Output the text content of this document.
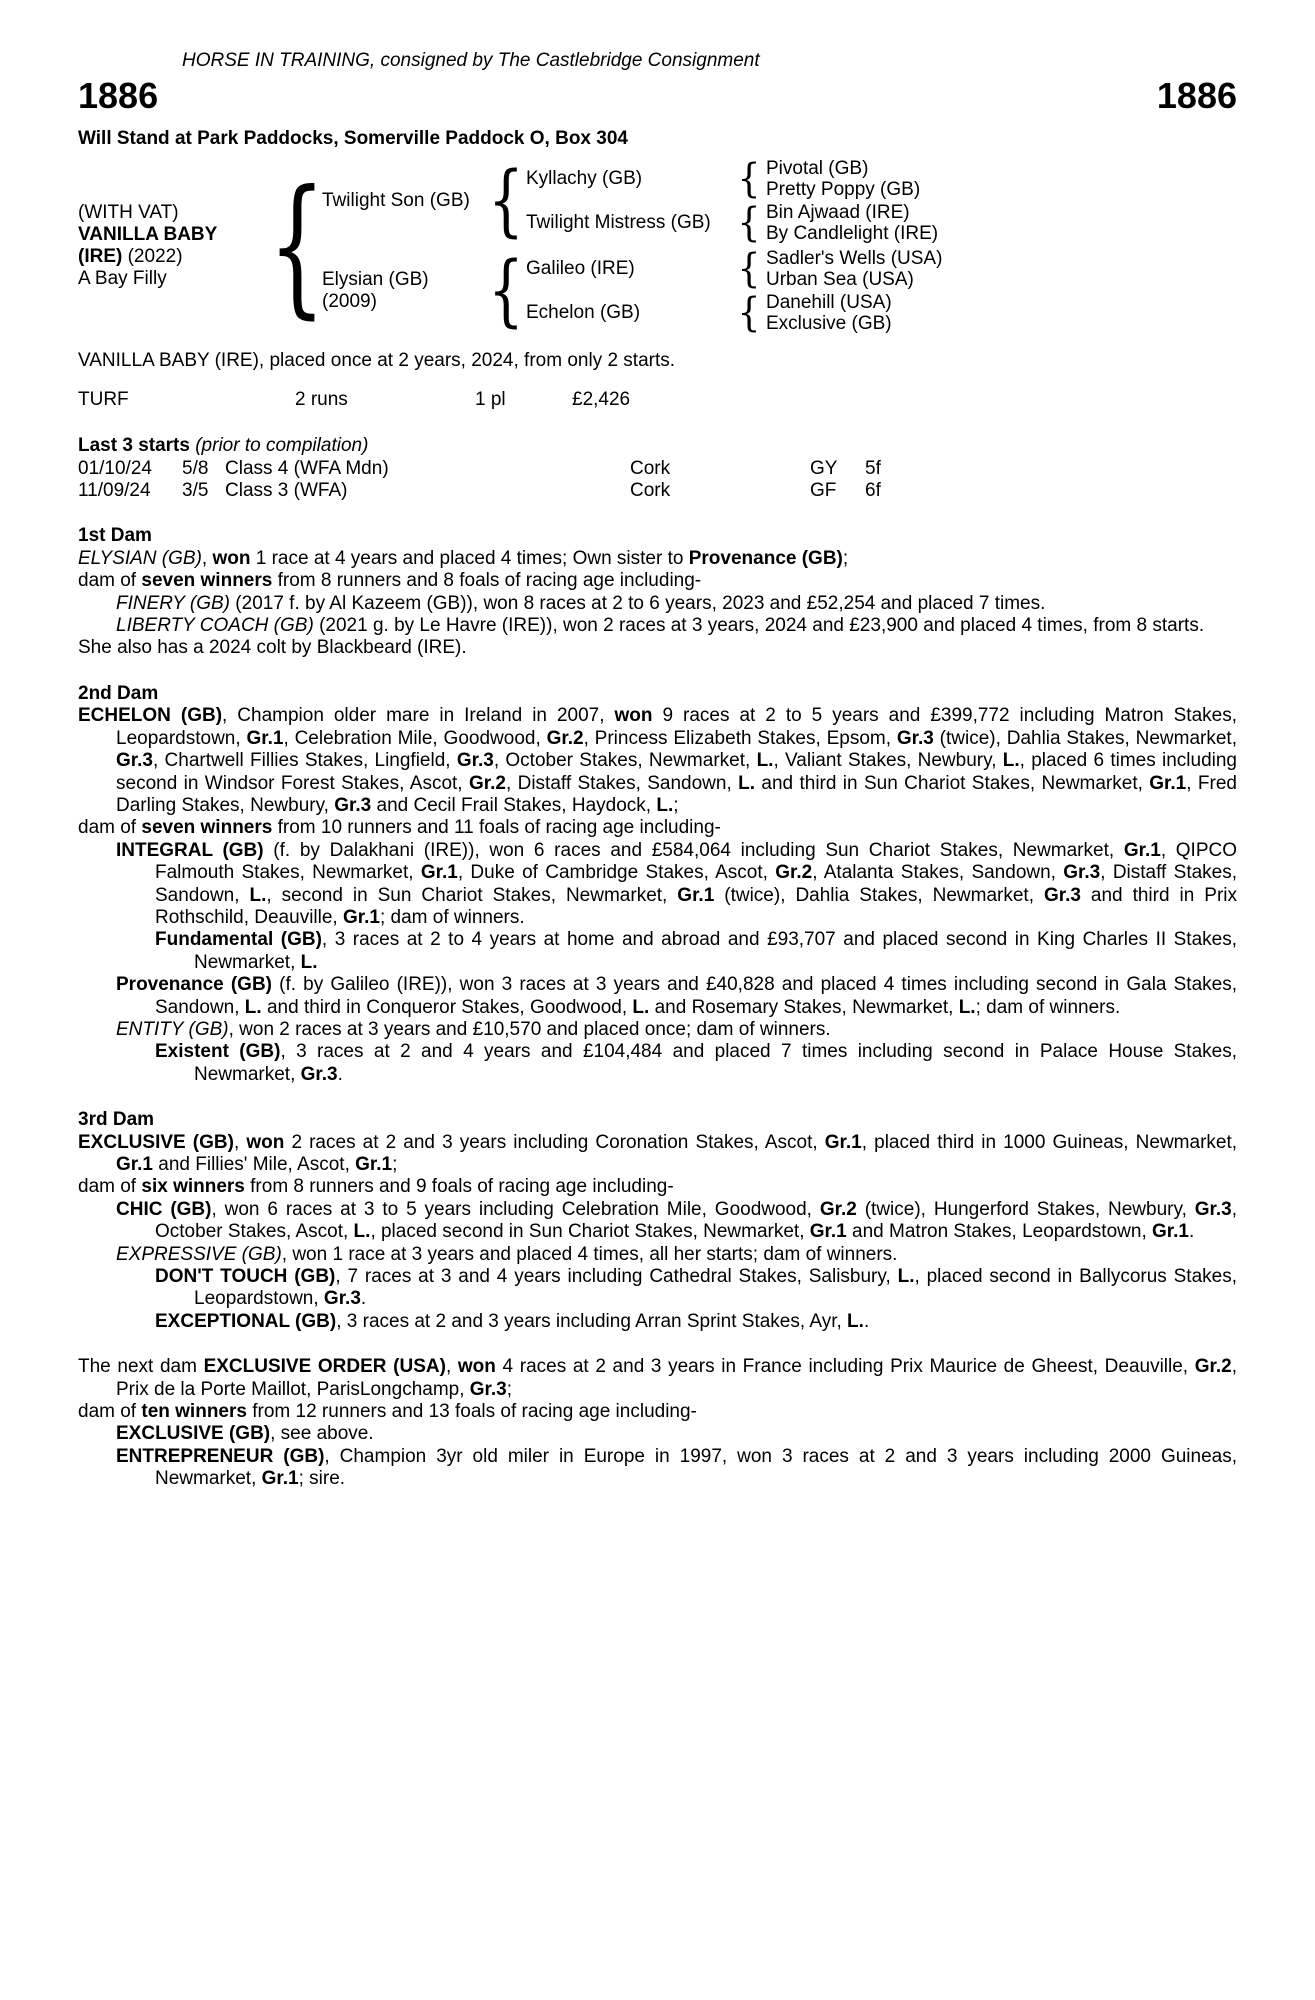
HORSE IN TRAINING, consigned by The Castlebridge Consignment
1886	1886
Will Stand at Park Paddocks, Somerville Paddock O, Box 304
(WITH VAT)
VANILLA BABY
(IRE) (2022)
A Bay Filly {
Twilight Son (GB) { Kyllachy (GB)	{ Pivotal (GB)
Pretty Poppy (GB)
Twilight Mistress (GB) { Bin Ajwaad (IRE)
By Candlelight (IRE)
Elysian (GB)
(2009)	{ Galileo (IRE)	{ Sadler's Wells (USA)
Urban Sea (USA)
Echelon (GB)	{ Danehill (USA)
Exclusive (GB)
VANILLA BABY (IRE), placed once at 2 years, 2024, from only 2 starts.
TURF	2 runs	1 pl	£2,426
Last 3 starts (prior to compilation)
01/10/24	5/8 Class 4 (WFA Mdn)	Cork	GY	5f
11/09/24	3/5 Class 3 (WFA)	Cork	GF	6f
1st Dam

ELYSIAN (GB), won 1 race at 4 years and placed 4 times; Own sister to Provenance (GB);

dam of seven winners from 8 runners and 8 foals of racing age including-

FINERY (GB) (2017 f. by Al Kazeem (GB)), won 8 races at 2 to 6 years, 2023 and £52,254 and placed 7 times.

LIBERTY COACH (GB) (2021 g. by Le Havre (IRE)), won 2 races at 3 years, 2024 and £23,900 and placed 4 times, from 8 starts.

She also has a 2024 colt by Blackbeard (IRE).

2nd Dam

ECHELON (GB), Champion older mare in Ireland in 2007, won 9 races at 2 to 5 years and £399,772 including Matron Stakes, Leopardstown, Gr.1, Celebration Mile, Goodwood, Gr.2, Princess Elizabeth Stakes, Epsom, Gr.3 (twice), Dahlia Stakes, Newmarket, Gr.3, Chartwell Fillies Stakes, Lingfield, Gr.3, October Stakes, Newmarket, L., Valiant Stakes, Newbury, L., placed 6 times including second in Windsor Forest Stakes, Ascot, Gr.2, Distaff Stakes, Sandown, L. and third in Sun Chariot Stakes, Newmarket, Gr.1, Fred Darling Stakes, Newbury, Gr.3 and Cecil Frail Stakes, Haydock, L.;

dam of seven winners from 10 runners and 11 foals of racing age including-

INTEGRAL (GB) (f. by Dalakhani (IRE)), won 6 races and £584,064 including Sun Chariot Stakes, Newmarket, Gr.1, QIPCO Falmouth Stakes, Newmarket, Gr.1, Duke of Cambridge Stakes, Ascot, Gr.2, Atalanta Stakes, Sandown, Gr.3, Distaff Stakes, Sandown, L., second in Sun Chariot Stakes, Newmarket, Gr.1 (twice), Dahlia Stakes, Newmarket, Gr.3 and third in Prix Rothschild, Deauville, Gr.1; dam of winners.

Fundamental (GB), 3 races at 2 to 4 years at home and abroad and £93,707 and placed second in King Charles II Stakes, Newmarket, L.

Provenance (GB) (f. by Galileo (IRE)), won 3 races at 3 years and £40,828 and placed 4 times including second in Gala Stakes, Sandown, L. and third in Conqueror Stakes, Goodwood, L. and Rosemary Stakes, Newmarket, L.; dam of winners.

ENTITY (GB), won 2 races at 3 years and £10,570 and placed once; dam of winners.

Existent (GB), 3 races at 2 and 4 years and £104,484 and placed 7 times including second in Palace House Stakes, Newmarket, Gr.3.

3rd Dam

EXCLUSIVE (GB), won 2 races at 2 and 3 years including Coronation Stakes, Ascot, Gr.1, placed third in 1000 Guineas, Newmarket, Gr.1 and Fillies' Mile, Ascot, Gr.1;

dam of six winners from 8 runners and 9 foals of racing age including-

CHIC (GB), won 6 races at 3 to 5 years including Celebration Mile, Goodwood, Gr.2 (twice), Hungerford Stakes, Newbury, Gr.3, October Stakes, Ascot, L., placed second in Sun Chariot Stakes, Newmarket, Gr.1 and Matron Stakes, Leopardstown, Gr.1.

EXPRESSIVE (GB), won 1 race at 3 years and placed 4 times, all her starts; dam of winners.

DON'T TOUCH (GB), 7 races at 3 and 4 years including Cathedral Stakes, Salisbury, L., placed second in Ballycorus Stakes, Leopardstown, Gr.3.

EXCEPTIONAL (GB), 3 races at 2 and 3 years including Arran Sprint Stakes, Ayr, L..

The next dam EXCLUSIVE ORDER (USA), won 4 races at 2 and 3 years in France including Prix Maurice de Gheest, Deauville, Gr.2, Prix de la Porte Maillot, ParisLongchamp, Gr.3;

dam of ten winners from 12 runners and 13 foals of racing age including-

EXCLUSIVE (GB), see above.

ENTREPRENEUR (GB), Champion 3yr old miler in Europe in 1997, won 3 races at 2 and 3 years including 2000 Guineas, Newmarket, Gr.1; sire.
